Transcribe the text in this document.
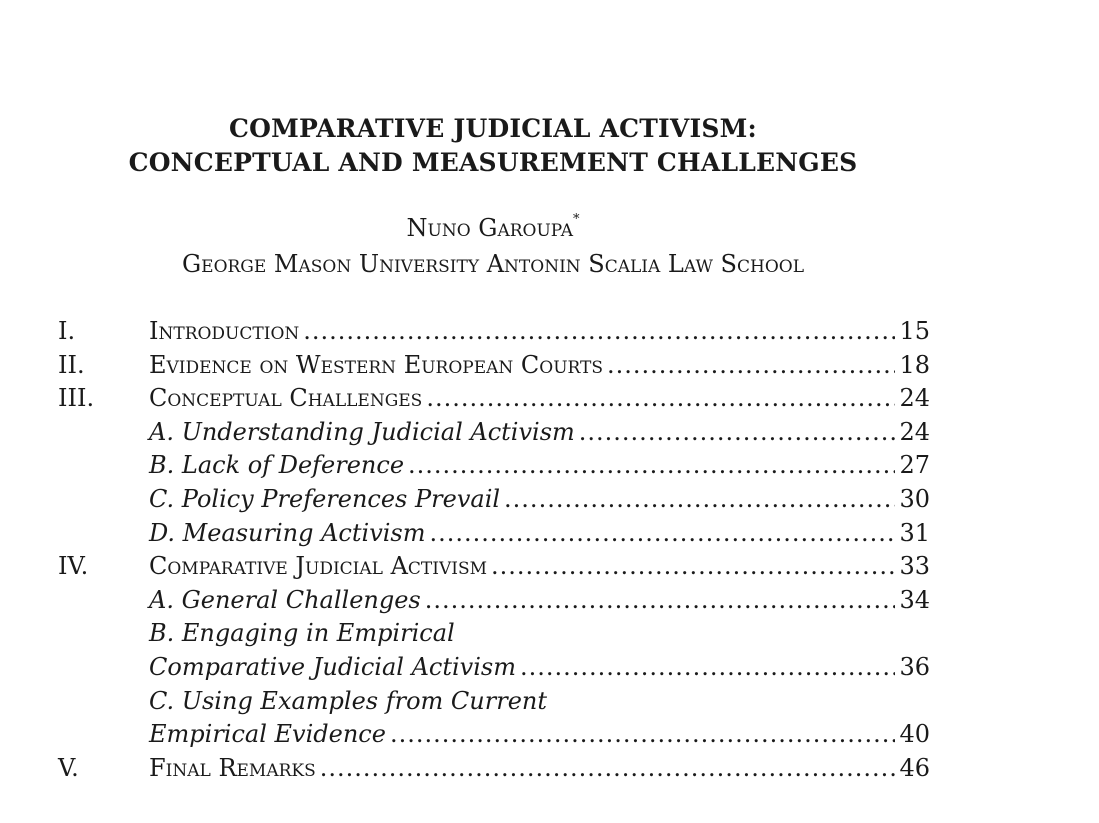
COMPARATIVE JUDICIAL ACTIVISM:
CONCEPTUAL AND MEASUREMENT CHALLENGES
Nuno Garoupa*
George Mason University Antonin Scalia Law School
I.	Introduction .....	15
II.	Evidence on Western European Courts .....	18
III. Conceptual Challenges .....	24
A. Understanding Judicial Activism .....	24
B. Lack of Deference .....	27
C. Policy Preferences Prevail .....	30
D. Measuring Activism .....	31
IV.	Comparative Judicial Activism .....	33
A. General Challenges .....	34
B. Engaging in Empirical
Comparative Judicial Activism .....	36
C. Using Examples from Current
Empirical Evidence .....	40
V.	Final Remarks .....	46
